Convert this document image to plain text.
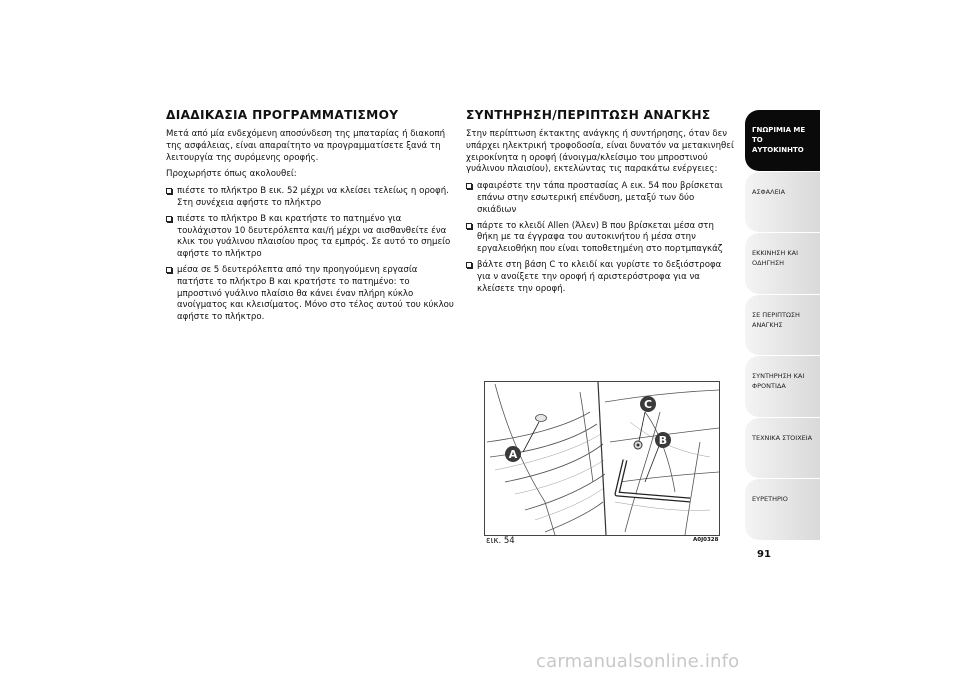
ΔΙΑΔΙΚΑΣΙΑ ΠΡΟΓΡΑΜΜΑΤΙΣΜΟΥ

Μετά από μία ενδεχόμενη αποσύνδεση της μπαταρίας ή διακοπή της ασφάλειας, είναι απαραίτητο να προγραμματίσετε ξανά τη λειτουργία της συρόμενης οροφής.

Προχωρήστε όπως ακολουθεί:

πιέστε το πλήκτρο B εικ. 52 μέχρι να κλείσει τελείως η οροφή. Στη συνέχεια αφήστε το πλήκτρο
πιέστε το πλήκτρο B και κρατήστε το πατημένο για τουλάχιστον 10 δευτερόλεπτα και/ή μέχρι να αισθανθείτε ένα κλικ του γυάλινου πλαισίου προς τα εμπρός. Σε αυτό το σημείο αφήστε το πλήκτρο
μέσα σε 5 δευτερόλεπτα από την προηγούμενη εργασία πατήστε το πλήκτρο B και κρατήστε το πατημένο: το μπροστινό γυάλινο πλαίσιο θα κάνει έναν πλήρη κύκλο ανοίγματος και κλεισίματος. Μόνο στο τέλος αυτού του κύκλου αφήστε το πλήκτρο.
ΣΥΝΤΗΡΗΣΗ/ΠΕΡΙΠΤΩΣΗ ΑΝΑΓΚΗΣ

Στην περίπτωση έκτακτης ανάγκης ή συντήρησης, όταν δεν υπάρχει ηλεκτρική τροφοδοσία, είναι δυνατόν να μετακινηθεί χειροκίνητα η οροφή (άνοιγμα/κλείσιμο του μπροστινού γυάλινου πλαισίου), εκτελώντας τις παρακάτω ενέργειες:

αφαιρέστε την τάπα προστασίας A εικ. 54 που βρίσκεται επάνω στην εσωτερική επένδυση, μεταξύ των δύο σκιάδιων
πάρτε το κλειδί Allen (Άλεν) B που βρίσκεται μέσα στη θήκη με τα έγγραφα του αυτοκινήτου ή μέσα στην εργαλειοθήκη που είναι τοποθετημένη στο πορτμπαγκάζ
βάλτε στη βάση C το κλειδί και γυρίστε το δεξιόστροφα για ν ανοίξετε την οροφή ή αριστερόστροφα για να κλείσετε την οροφή.
A
B
C
εικ. 54	A0J0328
ΓΝΩΡΙΜΙΑ ΜΕ ΤΟ ΑΥΤΟΚΙΝΗΤΟ
ΑΣΦΑΛΕΙΑ
ΕΚΚΙΝΗΣΗ ΚΑΙ ΟΔΗΓΗΣΗ
ΣΕ ΠΕΡΙΠΤΩΣΗ ΑΝΑΓΚΗΣ
ΣΥΝΤΗΡΗΣΗ ΚΑΙ ΦΡΟΝΤΙΔΑ
ΤΕΧΝΙΚΑ ΣΤΟΙΧΕΙΑ
ΕΥΡΕΤΗΡΙΟ
91
carmanualsonline.info
